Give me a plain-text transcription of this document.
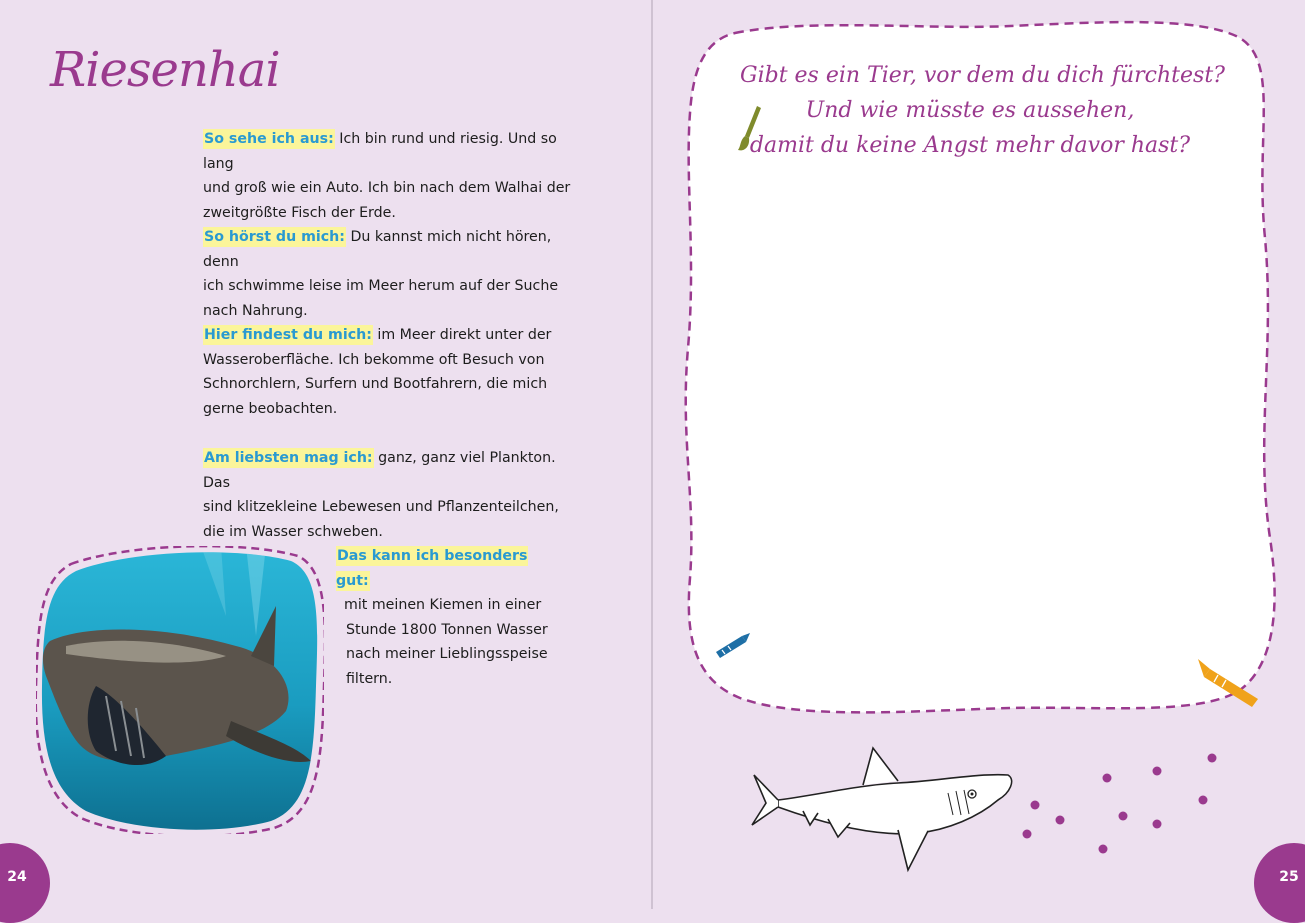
Riesenhai
So sehe ich aus: Ich bin rund und riesig. Und so lang
und groß wie ein Auto. Ich bin nach dem Walhai der
zweitgrößte Fisch der Erde.
So hörst du mich: Du kannst mich nicht hören, denn
ich schwimme leise im Meer herum auf der Suche
nach Nahrung.
Hier findest du mich: im Meer direkt unter der
Wasseroberfläche. Ich bekomme oft Besuch von
Schnorchlern, Surfern und Bootfahrern, die mich
gerne beobachten.
Am liebsten mag ich: ganz, ganz viel Plankton. Das
sind klitzekleine Lebewesen und Pflanzenteilchen,
die im Wasser schweben.
Das kann ich besonders gut:
mit meinen Kiemen in einer
Stunde 1800 Tonnen Wasser
nach meiner Lieblingsspeise
filtern.
24
Gibt es ein Tier, vor dem du dich fürchtest?
Und wie müsste es aussehen,
damit du keine Angst mehr davor hast?
25
